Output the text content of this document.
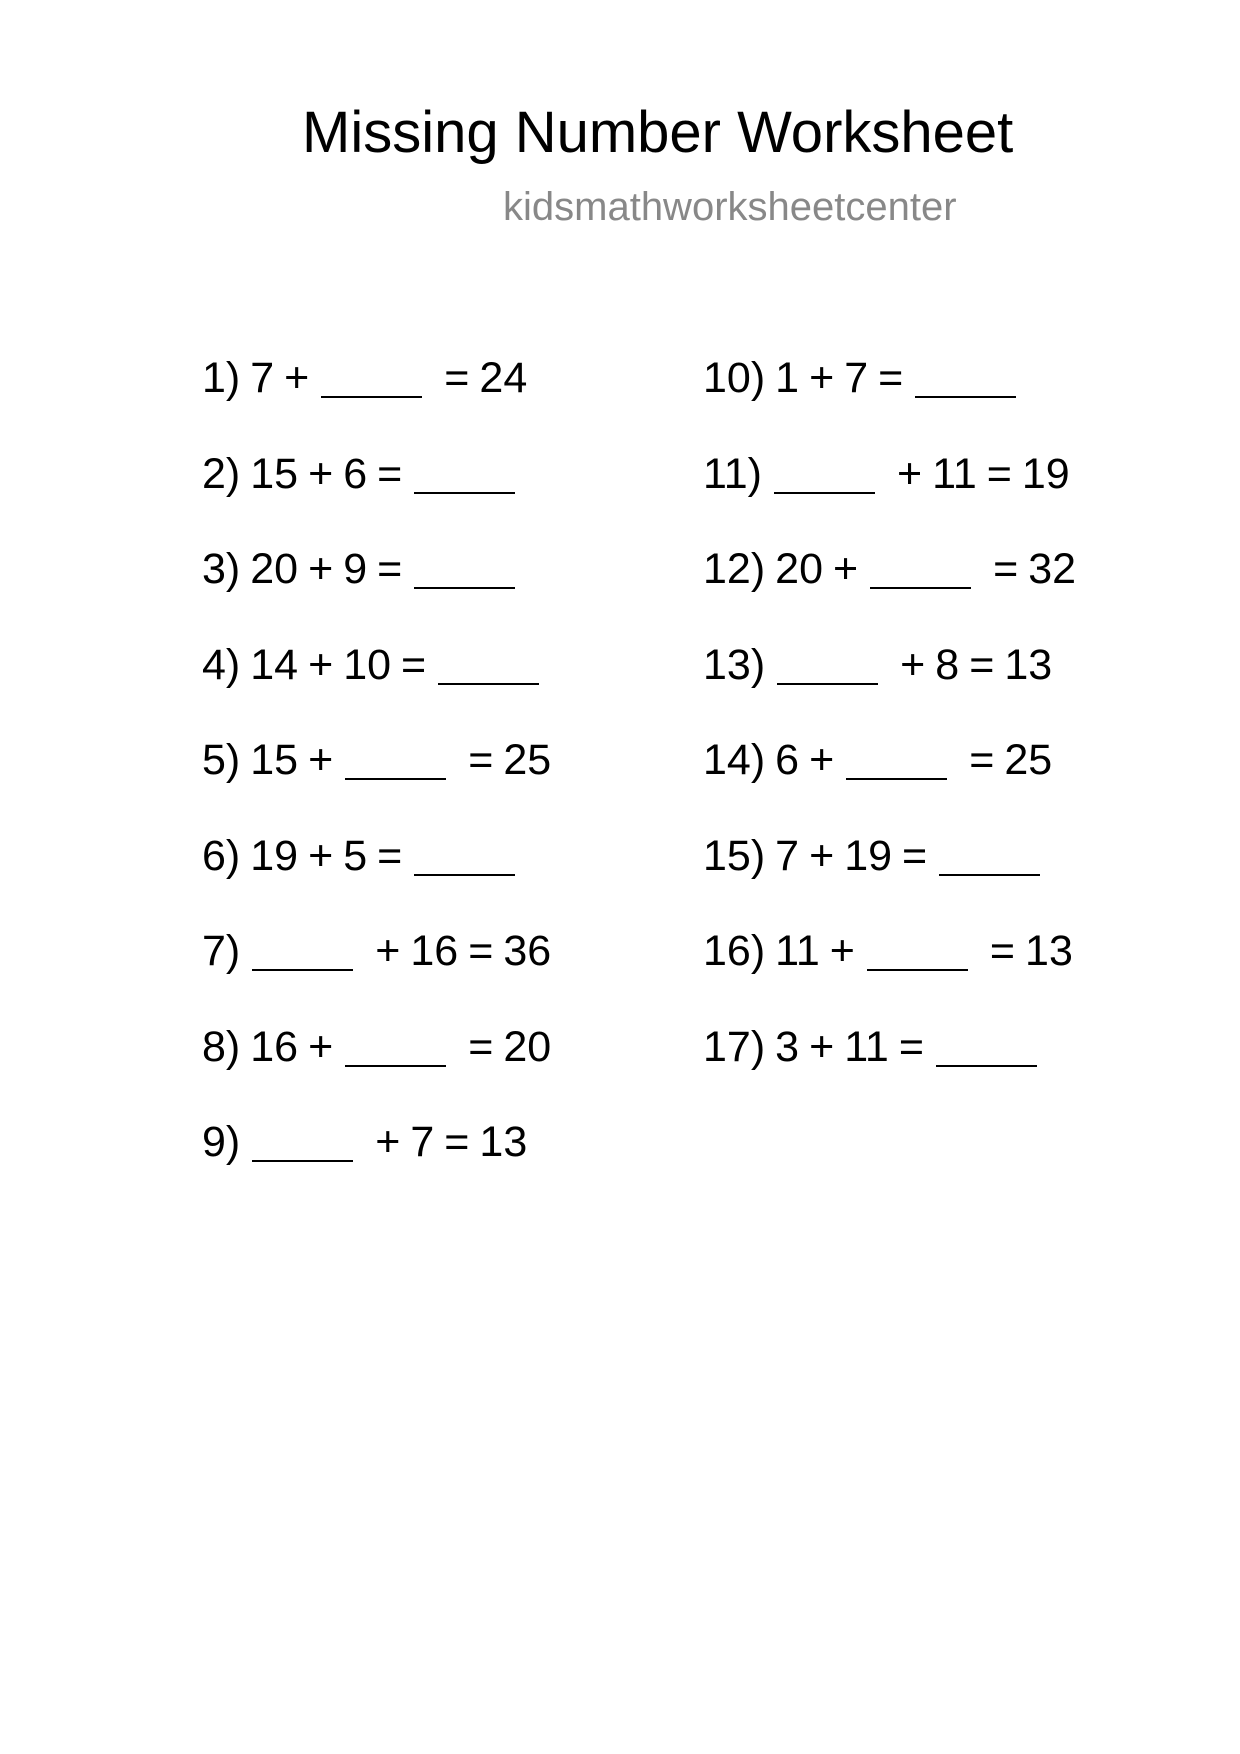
Missing Number Worksheet
kidsmathworksheetcenter
1) 7 +	= 24
2) 15 + 6 =
3) 20 + 9 =
4) 14 + 10 =
5) 15 +	= 25
6) 19 + 5 =
7)	+ 16 = 36
8) 16 +	= 20
9)	+ 7 = 13
10) 1 + 7 =
11)	+ 11 = 19
12) 20 +	= 32
13)	+ 8 = 13
14) 6 +	= 25
15) 7 + 19 =
16) 11 +	= 13
17) 3 + 11 =
